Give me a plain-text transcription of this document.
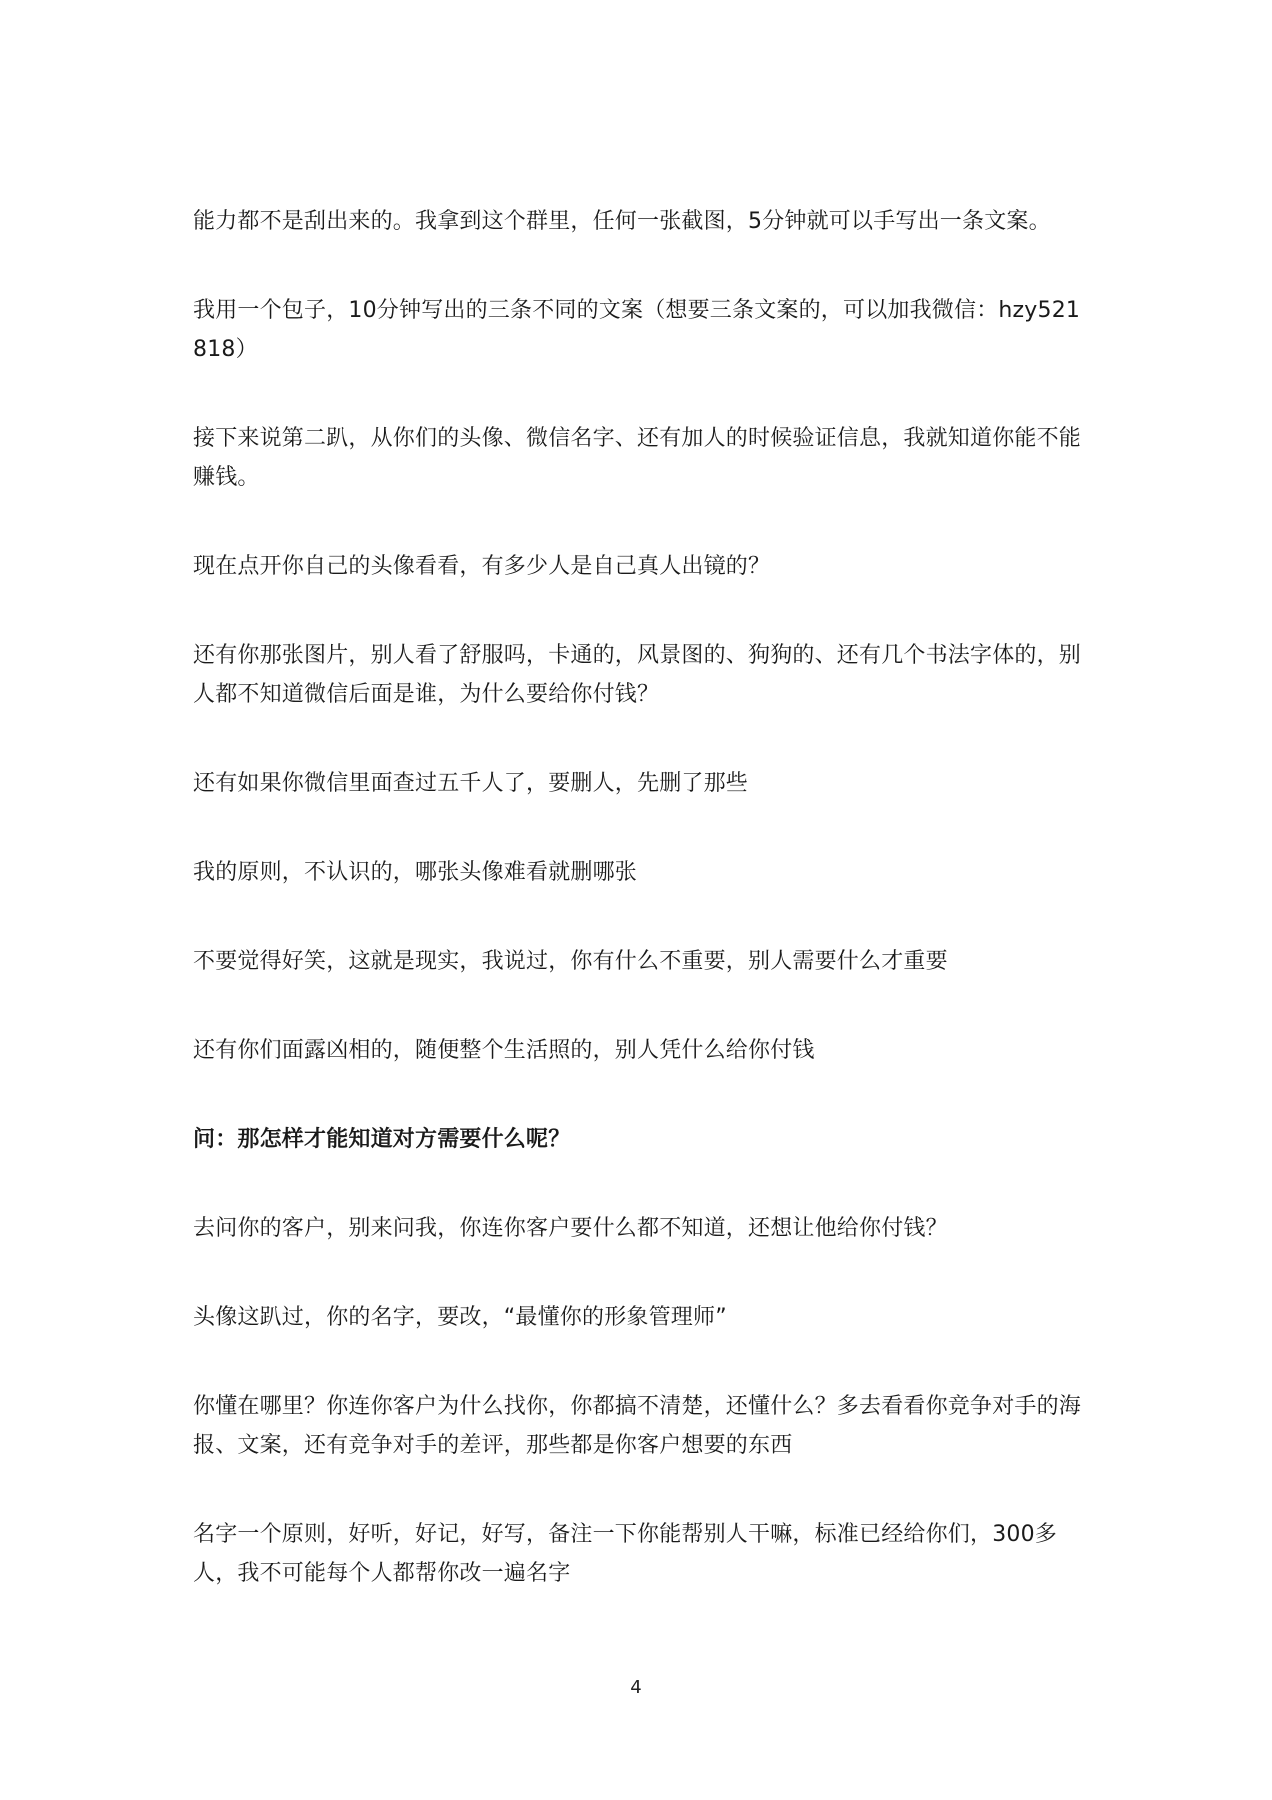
能力都不是刮出来的。我拿到这个群里，任何一张截图，5分钟就可以手写出一条文案。

我用一个包子，10分钟写出的三条不同的文案（想要三条文案的，可以加我微信：hzy521818）

接下来说第二趴，从你们的头像、微信名字、还有加人的时候验证信息，我就知道你能不能赚钱。

现在点开你自己的头像看看，有多少人是自己真人出镜的？

还有你那张图片，别人看了舒服吗，卡通的，风景图的、狗狗的、还有几个书法字体的，别人都不知道微信后面是谁，为什么要给你付钱？

还有如果你微信里面查过五千人了，要删人，先删了那些

我的原则，不认识的，哪张头像难看就删哪张

不要觉得好笑，这就是现实，我说过，你有什么不重要，别人需要什么才重要

还有你们面露凶相的，随便整个生活照的，别人凭什么给你付钱

问：那怎样才能知道对方需要什么呢？

去问你的客户，别来问我，你连你客户要什么都不知道，还想让他给你付钱？

头像这趴过，你的名字，要改，“最懂你的形象管理师”

你懂在哪里？你连你客户为什么找你，你都搞不清楚，还懂什么？多去看看你竞争对手的海报、文案，还有竞争对手的差评，那些都是你客户想要的东西

名字一个原则，好听，好记，好写，备注一下你能帮别人干嘛，标准已经给你们，300多人，我不可能每个人都帮你改一遍名字

4
